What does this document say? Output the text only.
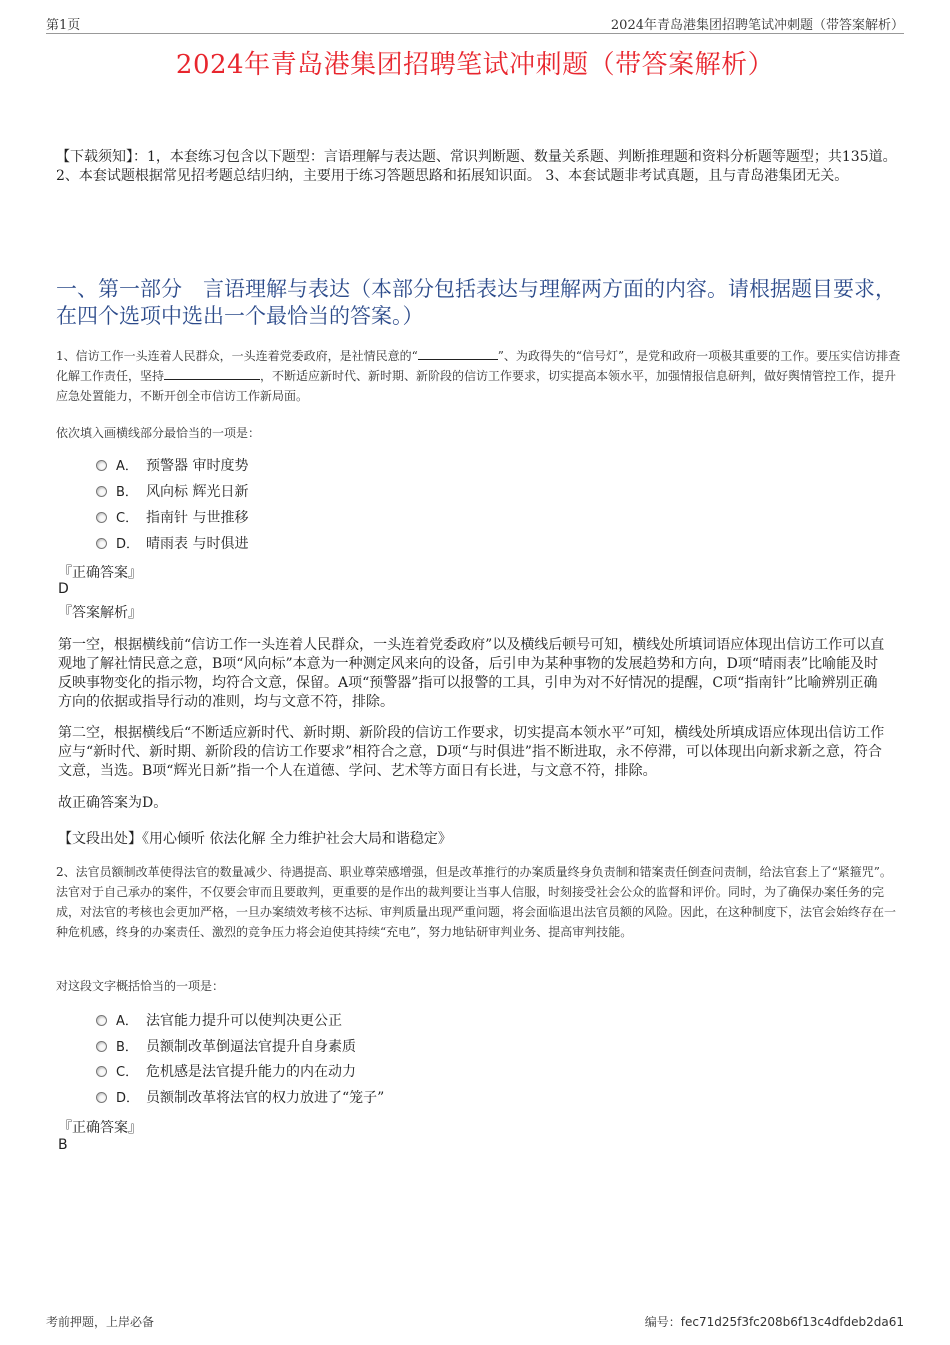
第1页	2024年青岛港集团招聘笔试冲刺题（带答案解析）
2024年青岛港集团招聘笔试冲刺题（带答案解析）
【下载须知】：1，本套练习包含以下题型：言语理解与表达题、常识判断题、数量关系题、判断推理题和资料分析题等题型；共135道。 2、本套试题根据常见招考题总结归纳，主要用于练习答题思路和拓展知识面。 3、本套试题非考试真题，且与青岛港集团无关。
一、第一部分　言语理解与表达（本部分包括表达与理解两方面的内容。请根据题目要求，在四个选项中选出一个最恰当的答案。）
1、信访工作一头连着人民群众，一头连着党委政府，是社情民意的“	”、为政得失的“信号灯”，是党和政府一项极其重要的工作。要压实信访排查化解工作责任，坚持	，不断适应新时代、新时期、新阶段的信访工作要求，切实提高本领水平，加强情报信息研判，做好舆情管控工作，提升应急处置能力，不断开创全市信访工作新局面。
依次填入画横线部分最恰当的一项是：
A． 预警器 审时度势
B． 风向标 辉光日新
C． 指南针 与世推移
D． 晴雨表 与时俱进
『正确答案』
D
『答案解析』
第一空，根据横线前“信访工作一头连着人民群众，一头连着党委政府”以及横线后顿号可知，横线处所填词语应体现出信访工作可以直观地了解社情民意之意，B项“风向标”本意为一种测定风来向的设备，后引申为某种事物的发展趋势和方向，D项“晴雨表”比喻能及时反映事物变化的指示物，均符合文意，保留。A项“预警器”指可以报警的工具，引申为对不好情况的提醒，C项“指南针”比喻辨别正确方向的依据或指导行动的准则，均与文意不符，排除。
第二空，根据横线后“不断适应新时代、新时期、新阶段的信访工作要求，切实提高本领水平”可知，横线处所填成语应体现出信访工作应与“新时代、新时期、新阶段的信访工作要求”相符合之意，D项“与时俱进”指不断进取，永不停滞，可以体现出向新求新之意，符合文意，当选。B项“辉光日新”指一个人在道德、学问、艺术等方面日有长进，与文意不符，排除。
故正确答案为D。
【文段出处】《用心倾听 依法化解 全力维护社会大局和谐稳定》
2、法官员额制改革使得法官的数量减少、待遇提高、职业尊荣感增强，但是改革推行的办案质量终身负责制和错案责任倒查问责制，给法官套上了“紧箍咒”。法官对于自己承办的案件，不仅要会审而且要敢判，更重要的是作出的裁判要让当事人信服，时刻接受社会公众的监督和评价。同时，为了确保办案任务的完成，对法官的考核也会更加严格，一旦办案绩效考核不达标、审判质量出现严重问题，将会面临退出法官员额的风险。因此，在这种制度下，法官会始终存在一种危机感，终身的办案责任、激烈的竞争压力将会迫使其持续“充电”，努力地钻研审判业务、提高审判技能。
对这段文字概括恰当的一项是：
A． 法官能力提升可以使判决更公正
B． 员额制改革倒逼法官提升自身素质
C． 危机感是法官提升能力的内在动力
D． 员额制改革将法官的权力放进了“笼子”
『正确答案』
B
考前押题，上岸必备	编号：fec71d25f3fc208b6f13c4dfdeb2da61
